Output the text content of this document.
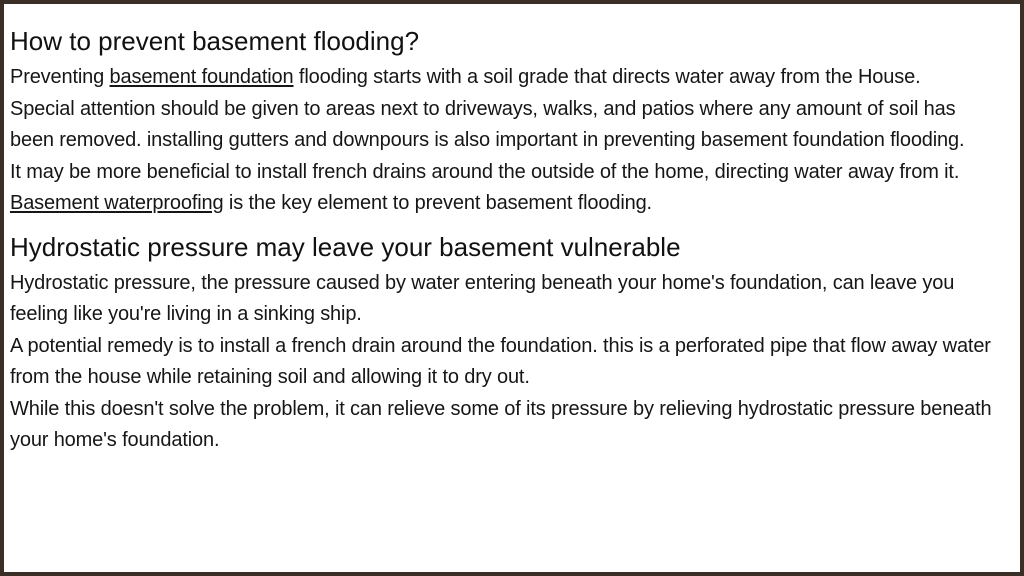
How to prevent basement flooding?

Preventing basement foundation flooding starts with a soil grade that directs water away from the House.

Special attention should be given to areas next to driveways, walks, and patios where any amount of soil has been removed. installing gutters and downpours is also important in preventing basement foundation flooding.

It may be more beneficial to install french drains around the outside of the home, directing water away from it. Basement waterproofing is the key element to prevent basement flooding.

Hydrostatic pressure may leave your basement vulnerable

Hydrostatic pressure, the pressure caused by water entering beneath your home's foundation, can leave you feeling like you're living in a sinking ship.

A potential remedy is to install a french drain around the foundation. this is a perforated pipe that flow away water from the house while retaining soil and allowing it to dry out.

While this doesn't solve the problem, it can relieve some of its pressure by relieving hydrostatic pressure beneath your home's foundation.
